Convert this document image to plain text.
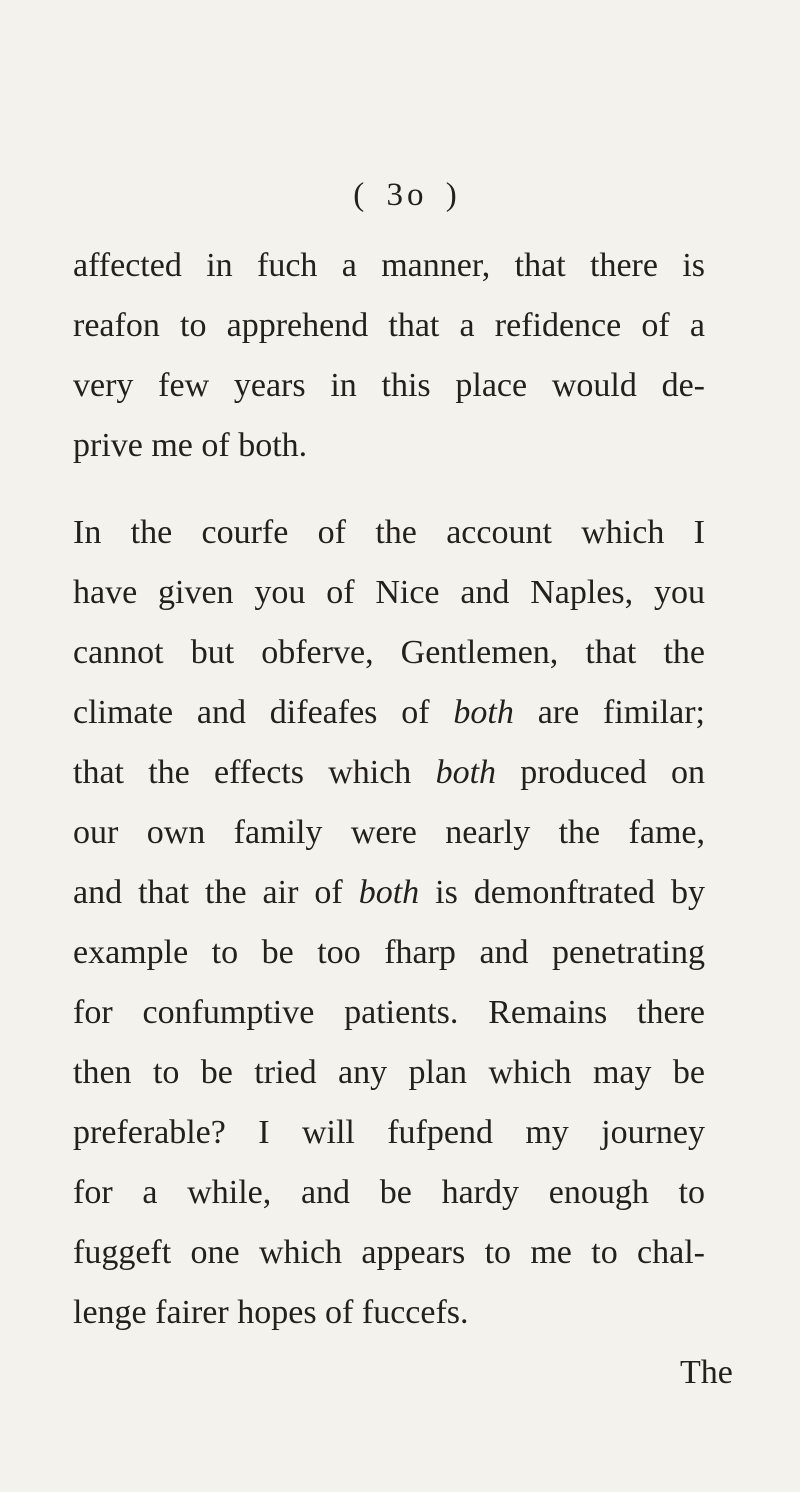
( 3o )
affected in fuch a manner, that there is
reafon to apprehend that a refidence of a
very few years in this place would de-
prive me of both.
In the courfe of the account which I
have given you of Nice and Naples, you
cannot but obferve, Gentlemen, that the
climate and difeafes of both are fimilar;
that the effects which both produced on
our own family were nearly the fame,
and that the air of both is demonftrated by
example to be too fharp and penetrating
for confumptive patients. Remains there
then to be tried any plan which may be
preferable? I will fufpend my journey
for a while, and be hardy enough to
fuggeft one which appears to me to chal-
lenge fairer hopes of fuccefs.
The
